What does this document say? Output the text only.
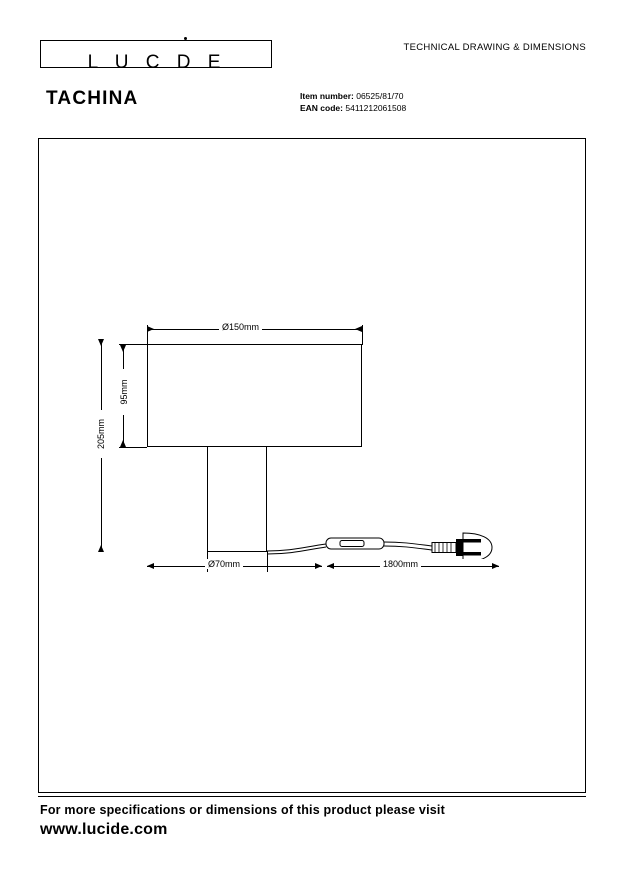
L U C D E
TECHNICAL DRAWING & DIMENSIONS
TACHINA	Item number: 06525/81/70
EAN code: 5411212061508
Ø150mm
95mm
205mm
Ø70mm	1800mm
For more specifications or dimensions of this product please visit
www.lucide.com
